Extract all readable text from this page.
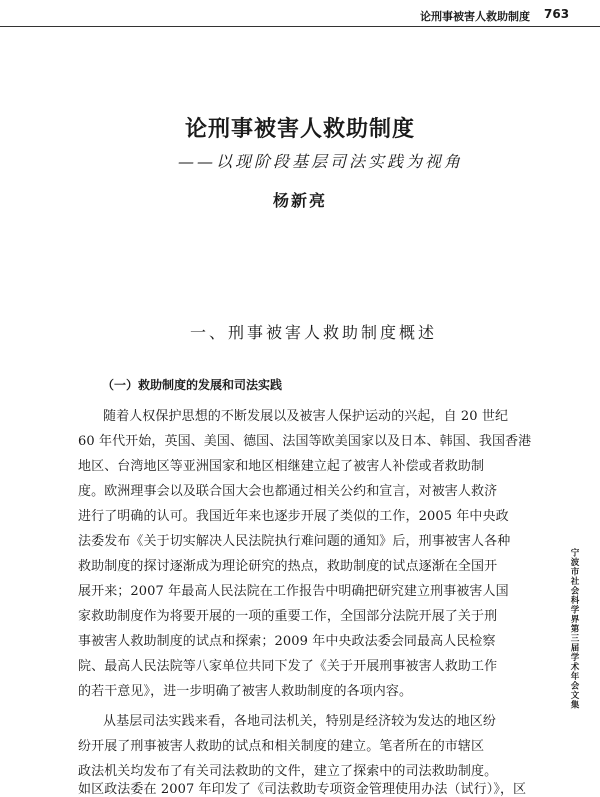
论刑事被害人救助制度 763
论刑事被害人救助制度
——以现阶段基层司法实践为视角
杨新亮
一、刑事被害人救助制度概述
（一）救助制度的发展和司法实践
随着人权保护思想的不断发展以及被害人保护运动的兴起，自 20 世纪
60 年代开始，英国、美国、德国、法国等欧美国家以及日本、韩国、我国香港
地区、台湾地区等亚洲国家和地区相继建立起了被害人补偿或者救助制
度。欧洲理事会以及联合国大会也都通过相关公约和宣言，对被害人救济
进行了明确的认可。我国近年来也逐步开展了类似的工作，2005 年中央政
法委发布《关于切实解决人民法院执行难问题的通知》后，刑事被害人各种
救助制度的探讨逐渐成为理论研究的热点，救助制度的试点逐渐在全国开
展开来；2007 年最高人民法院在工作报告中明确把研究建立刑事被害人国
家救助制度作为将要开展的一项的重要工作，全国部分法院开展了关于刑
事被害人救助制度的试点和探索；2009 年中央政法委会同最高人民检察
院、最高人民法院等八家单位共同下发了《关于开展刑事被害人救助工作
的若干意见》，进一步明确了被害人救助制度的各项内容。
从基层司法实践来看，各地司法机关，特别是经济较为发达的地区纷
纷开展了刑事被害人救助的试点和相关制度的建立。笔者所在的市辖区
政法机关均发布了有关司法救助的文件，建立了探索中的司法救助制度。
如区政法委在 2007 年印发了《司法救助专项资金管理使用办法（试行）》，区
宁波市社会科学界第三届学术年会文集
